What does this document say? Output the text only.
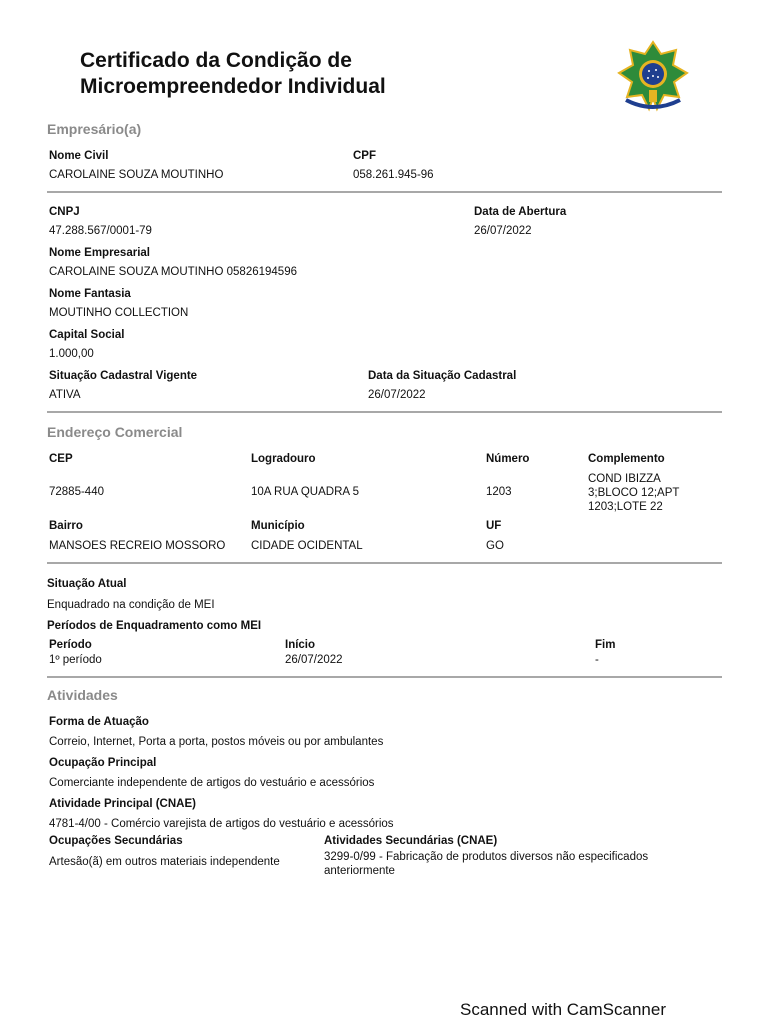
Certificado da Condição de
Microempreendedor Individual
Empresário(a)
Nome Civil
CAROLAINE SOUZA MOUTINHO
CPF
058.261.945-96
CNPJ
47.288.567/0001-79
Data de Abertura
26/07/2022
Nome Empresarial
CAROLAINE SOUZA MOUTINHO 05826194596
Nome Fantasia
MOUTINHO COLLECTION
Capital Social
1.000,00
Situação Cadastral Vigente
ATIVA
Data da Situação Cadastral
26/07/2022
Endereço Comercial
CEP
72885-440
Logradouro
10A RUA QUADRA 5
Número
1203
Complemento
COND IBIZZA 3;BLOCO 12;APT 1203;LOTE 22
Bairro
MANSOES RECREIO MOSSORO
Município
CIDADE OCIDENTAL
UF
GO
Situação Atual
Enquadrado na condição de MEI
Períodos de Enquadramento como MEI
Período
1º período
Início
26/07/2022
Fim
-
Atividades
Forma de Atuação
Correio, Internet, Porta a porta, postos móveis ou por ambulantes
Ocupação Principal
Comerciante independente de artigos do vestuário e acessórios
Atividade Principal (CNAE)
4781-4/00 - Comércio varejista de artigos do vestuário e acessórios
Ocupações Secundárias
Artesão(ã) em outros materiais independente
Atividades Secundárias (CNAE)
3299-0/99 - Fabricação de produtos diversos não especificados anteriormente
Scanned with CamScanner
